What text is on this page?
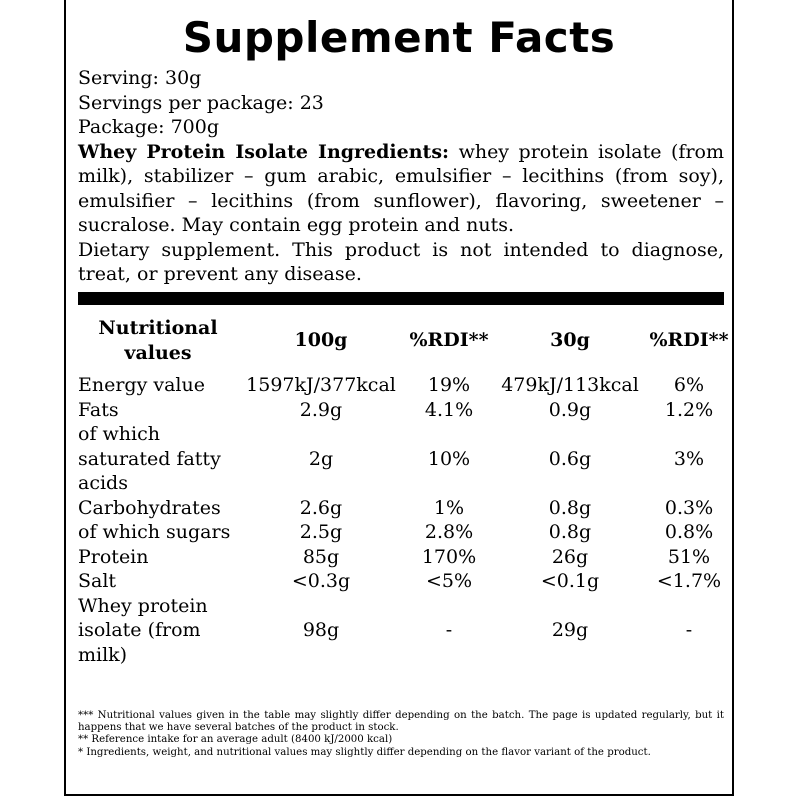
Supplement Facts
Serving: 30g
Servings per package: 23
Package: 700g
Whey Protein Isolate Ingredients: whey protein isolate (from milk), stabilizer – gum arabic, emulsifier – lecithins (from soy), emulsifier – lecithins (from sunflower), flavoring, sweetener – sucralose. May contain egg protein and nuts.
Dietary supplement. This product is not intended to diagnose, treat, or prevent any disease.
Nutritional values	100g	%RDI**	30g	%RDI**
Energy value	1597kJ/377kcal	19%	479kJ/113kcal	6%
Fats	2.9g	4.1%	0.9g	1.2%
of which saturated fatty acids	2g	10%	0.6g	3%
Carbohydrates	2.6g	1%	0.8g	0.3%
of which sugars	2.5g	2.8%	0.8g	0.8%
Protein	85g	170%	26g	51%
Salt	<0.3g	<5%	<0.1g	<1.7%
Whey protein isolate (from milk)	98g	-	29g	-
*** Nutritional values given in the table may slightly differ depending on the batch. The page is updated regularly, but it happens that we have several batches of the product in stock.
** Reference intake for an average adult (8400 kJ/2000 kcal)
* Ingredients, weight, and nutritional values may slightly differ depending on the flavor variant of the product.
